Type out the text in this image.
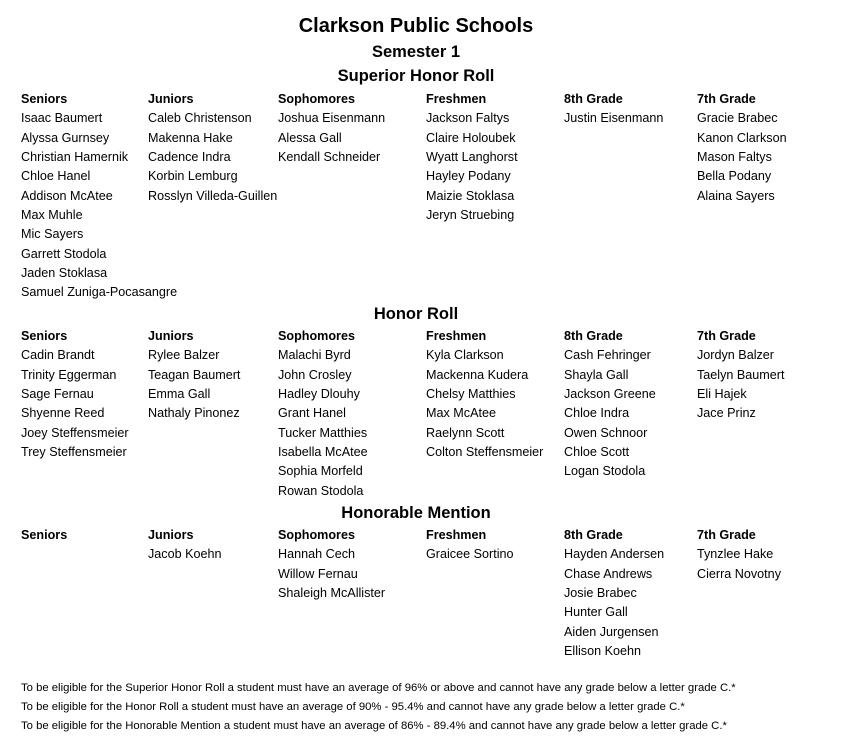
Clarkson Public Schools
Semester 1
Superior Honor Roll
Seniors
Isaac Baumert
Alyssa Gurnsey
Christian Hamernik
Chloe Hanel
Addison McAtee
Max Muhle
Mic Sayers
Garrett Stodola
Jaden Stoklasa
Samuel Zuniga-Pocasangre
Juniors
Caleb Christenson
Makenna Hake
Cadence Indra
Korbin Lemburg
Rosslyn Villeda-Guillen
Sophomores
Joshua Eisenmann
Alessa Gall
Kendall Schneider
Freshmen
Jackson Faltys
Claire Holoubek
Wyatt Langhorst
Hayley Podany
Maizie Stoklasa
Jeryn Struebing
8th Grade
Justin Eisenmann
7th Grade
Gracie Brabec
Kanon Clarkson
Mason Faltys
Bella Podany
Alaina Sayers
Honor Roll
Seniors
Cadin Brandt
Trinity Eggerman
Sage Fernau
Shyenne Reed
Joey Steffensmeier
Trey Steffensmeier
Juniors
Rylee Balzer
Teagan Baumert
Emma Gall
Nathaly Pinonez
Sophomores
Malachi Byrd
John Crosley
Hadley Dlouhy
Grant Hanel
Tucker Matthies
Isabella McAtee
Sophia Morfeld
Rowan Stodola
Freshmen
Kyla Clarkson
Mackenna Kudera
Chelsy Matthies
Max McAtee
Raelynn Scott
Colton Steffensmeier
8th Grade
Cash Fehringer
Shayla Gall
Jackson Greene
Chloe Indra
Owen Schnoor
Chloe Scott
Logan Stodola
7th Grade
Jordyn Balzer
Taelyn Baumert
Eli Hajek
Jace Prinz
Honorable Mention
Seniors	Juniors
Jacob Koehn
Sophomores
Hannah Cech
Willow Fernau
Shaleigh McAllister
Freshmen
Graicee Sortino
8th Grade
Hayden Andersen
Chase Andrews
Josie Brabec
Hunter Gall
Aiden Jurgensen
Ellison Koehn
7th Grade
Tynzlee Hake
Cierra Novotny
To be eligible for the Superior Honor Roll a student must have an average of 96% or above and cannot have any grade below a letter grade C.*
To be eligible for the Honor Roll a student must have an average of 90% - 95.4% and cannot have any grade below a letter grade C.*
To be eligible for the Honorable Mention a student must have an average of 86% - 89.4% and cannot have any grade below a letter grade C.*
